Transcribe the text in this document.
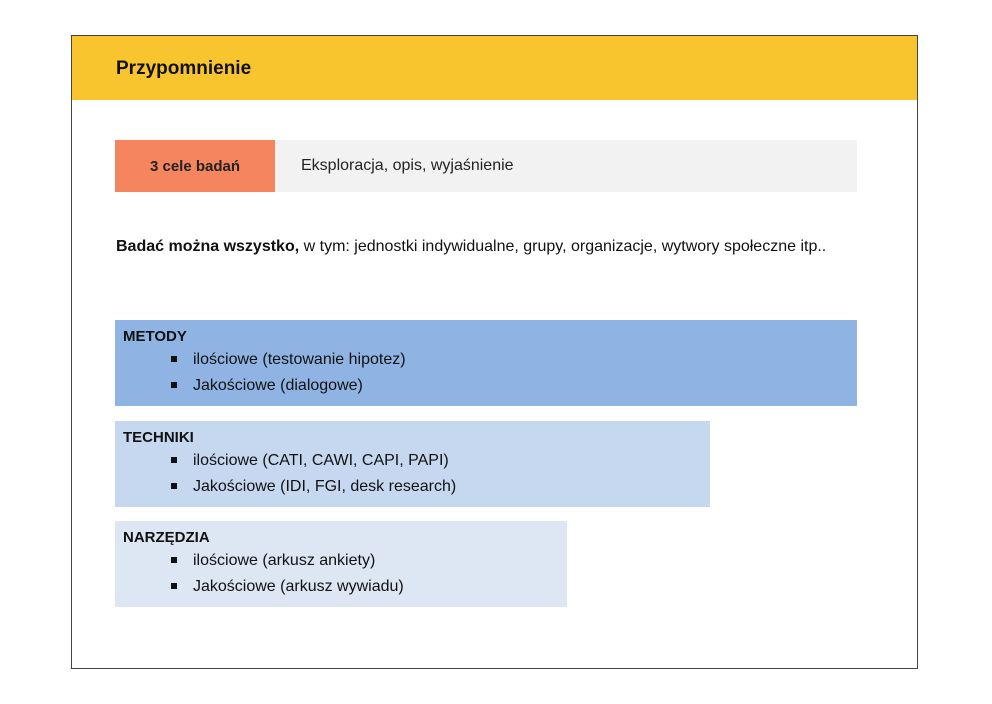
Przypomnienie
3 cele badań	Eksploracja, opis, wyjaśnienie
Badać można wszystko, w tym: jednostki indywidualne, grupy, organizacje, wytwory społeczne itp..
METODY
ilościowe (testowanie hipotez)
Jakościowe (dialogowe)
TECHNIKI
ilościowe (CATI, CAWI, CAPI, PAPI)
Jakościowe (IDI, FGI, desk research)
NARZĘDZIA
ilościowe (arkusz ankiety)
Jakościowe (arkusz wywiadu)
